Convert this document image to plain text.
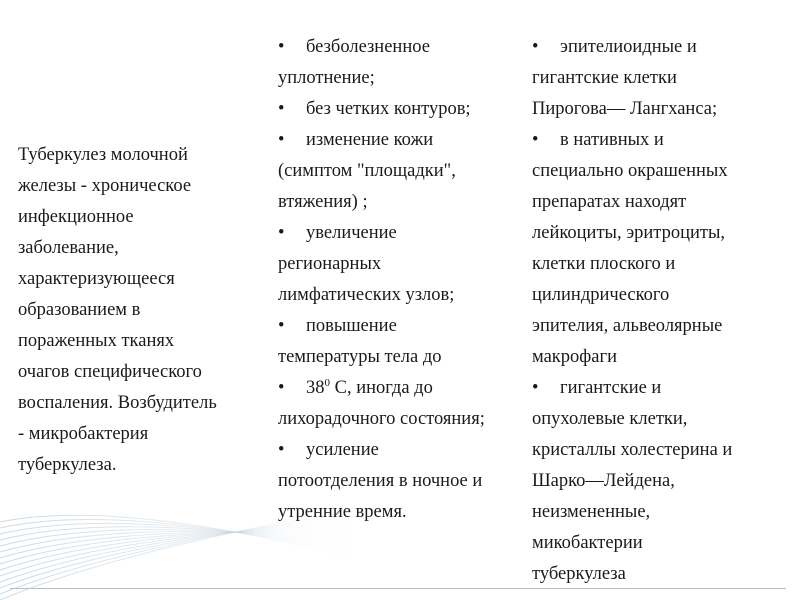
Туберкулез молочной
железы - хроническое
инфекционное
заболевание,
характеризующееся
образованием в
пораженных тканях
очагов специфического
воспаления. Возбудитель
- микробактерия
туберкулеза.
• безболезненное
уплотнение;
• без четких контуров;
• изменение кожи
(симптом "площадки",
втяжения) ;
• увеличение
регионарных
лимфатических узлов;
• повышение
температуры тела до
• $38^0$ С, иногда до
лихорадочного состояния;
• усиление
потоотделения в ночное и
утренние время.
• эпителиоидные и
гигантские клетки
Пирогова— Лангханса;
• в нативных и
специально окрашенных
препаратах находят
лейкоциты, эритроциты,
клетки плоского и
цилиндрического
эпителия, альвеолярные
макрофаги
• гигантские и
опухолевые клетки,
кристаллы холестерина и
Шарко—Лейдена,
неизмененные,
микобактерии
туберкулеза
